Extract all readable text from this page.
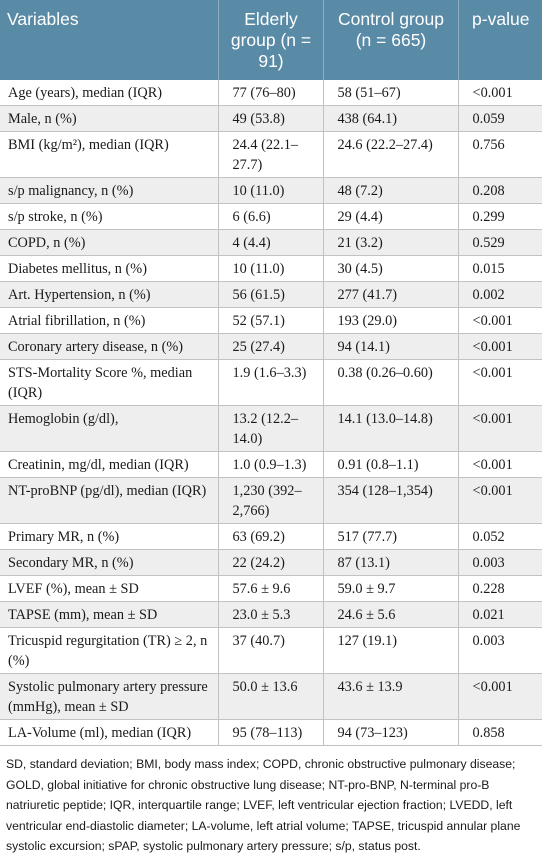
Variables	Elderly group (n = 91)	Control group (n = 665)	p-value
Age (years), median (IQR)	77 (76–80)	58 (51–67)	<0.001
Male, n (%)	49 (53.8)	438 (64.1)	0.059
BMI (kg/m²), median (IQR)	24.4 (22.1–27.7)	24.6 (22.2–27.4)	0.756
s/p malignancy, n (%)	10 (11.0)	48 (7.2)	0.208
s/p stroke, n (%)	6 (6.6)	29 (4.4)	0.299
COPD, n (%)	4 (4.4)	21 (3.2)	0.529
Diabetes mellitus, n (%)	10 (11.0)	30 (4.5)	0.015
Art. Hypertension, n (%)	56 (61.5)	277 (41.7)	0.002
Atrial fibrillation, n (%)	52 (57.1)	193 (29.0)	<0.001
Coronary artery disease, n (%)	25 (27.4)	94 (14.1)	<0.001
STS-Mortality Score %, median (IQR)	1.9 (1.6–3.3)	0.38 (0.26–0.60)	<0.001
Hemoglobin (g/dl),	13.2 (12.2–14.0)	14.1 (13.0–14.8)	<0.001
Creatinin, mg/dl, median (IQR)	1.0 (0.9–1.3)	0.91 (0.8–1.1)	<0.001
NT-proBNP (pg/dl), median (IQR)	1,230 (392–2,766)	354 (128–1,354)	<0.001
Primary MR, n (%)	63 (69.2)	517 (77.7)	0.052
Secondary MR, n (%)	22 (24.2)	87 (13.1)	0.003
LVEF (%), mean ± SD	57.6 ± 9.6	59.0 ± 9.7	0.228
TAPSE (mm), mean ± SD	23.0 ± 5.3	24.6 ± 5.6	0.021
Tricuspid regurgitation (TR) ≥ 2, n (%)	37 (40.7)	127 (19.1)	0.003
Systolic pulmonary artery pressure (mmHg), mean ± SD	50.0 ± 13.6	43.6 ± 13.9	<0.001
LA-Volume (ml), median (IQR)	95 (78–113)	94 (73–123)	0.858
SD, standard deviation; BMI, body mass index; COPD, chronic obstructive pulmonary disease; GOLD, global initiative for chronic obstructive lung disease; NT-pro-BNP, N-terminal pro-B natriuretic peptide; IQR, interquartile range; LVEF, left ventricular ejection fraction; LVEDD, left ventricular end-diastolic diameter; LA-volume, left atrial volume; TAPSE, tricuspid annular plane systolic excursion; sPAP, systolic pulmonary artery pressure; s/p, status post.
